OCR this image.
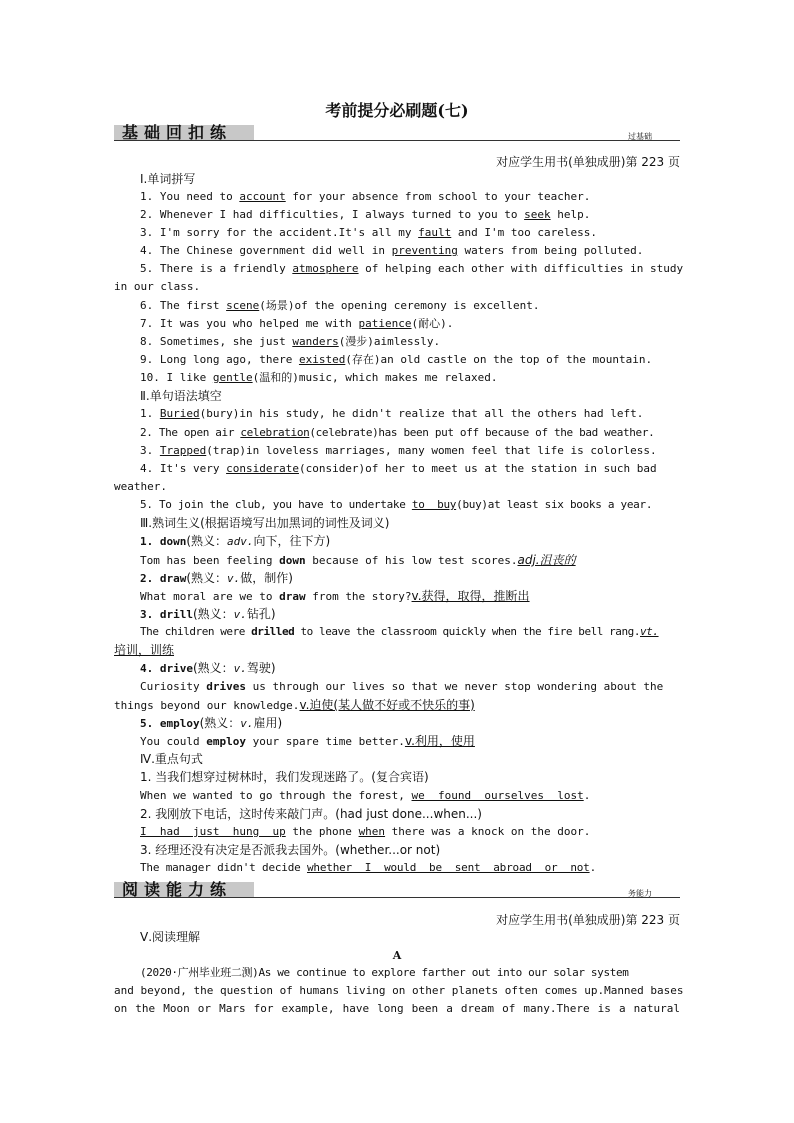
考前提分必刷题(七)
基础回扣练	过基础
对应学生用书(单独成册)第 223 页
Ⅰ.单词拼写
1. You need to account for your absence from school to your teacher.
2. Whenever I had difficulties, I always turned to you to seek help.
3. I'm sorry for the accident.It's all my fault and I'm too careless.
4. The Chinese government did well in preventing waters from being polluted.
5. There is a friendly atmosphere of helping each other with difficulties in study
in our class.
6. The first scene(场景)of the opening ceremony is excellent.
7. It was you who helped me with patience(耐心).
8. Sometimes, she just wanders(漫步)aimlessly.
9. Long long ago, there existed(存在)an old castle on the top of the mountain.
10. I like gentle(温和的)music, which makes me relaxed.
Ⅱ.单句语法填空
1. Buried(bury)in his study, he didn't realize that all the others had left.
2. The open air celebration(celebrate)has been put off because of the bad weather.
3. Trapped(trap)in loveless marriages, many women feel that life is colorless.
4. It's very considerate(consider)of her to meet us at the station in such bad
weather.
5. To join the club, you have to undertake to  buy(buy)at least six books a year.
Ⅲ.熟词生义(根据语境写出加黑词的词性及词义)
1. down(熟义：adv.向下，往下方)
Tom has been feeling down because of his low test scores.adj.沮丧的
2. draw(熟义：v.做，制作)
What moral are we to draw from the story?v.获得，取得，推断出
3. drill(熟义：v.钻孔)
The children were drilled to leave the classroom quickly when the fire bell rang.vt.
培训，训练
4. drive(熟义：v.驾驶)
Curiosity drives us through our lives so that we never stop wondering about the
things beyond our knowledge.v.迫使(某人做不好或不快乐的事)
5. employ(熟义：v.雇用)
You could employ your spare time better.v.利用，使用
Ⅳ.重点句式
1. 当我们想穿过树林时，我们发现迷路了。(复合宾语)
When we wanted to go through the forest, we  found  ourselves  lost.
2. 我刚放下电话，这时传来敲门声。(had just done...when...)
I  had  just  hung  up the phone when there was a knock on the door.
3. 经理还没有决定是否派我去国外。(whether...or not)
The manager didn't decide whether  I  would  be  sent  abroad  or  not.
阅读能力练	务能力
对应学生用书(单独成册)第 223 页
Ⅴ.阅读理解
A
(2020·广州毕业班二测)As we continue to explore farther out into our solar system
and beyond, the question of humans living on other planets often comes up.Manned bases
on the Moon or Mars for example, have long been a dream of many.There is a natural
